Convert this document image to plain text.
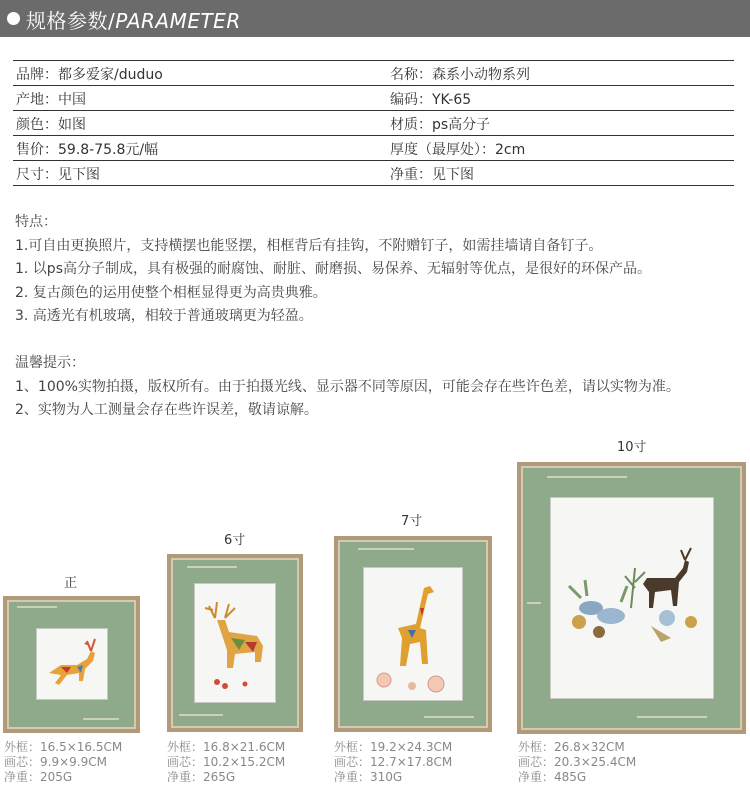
规格参数/PARAMETER
品牌：都多爱家/duduo	名称：森系小动物系列
产地：中国	编码：YK-65
颜色：如图	材质：ps高分子
售价：59.8-75.8元/幅	厚度（最厚处）：2cm
尺寸：见下图	净重：见下图
特点：
1.可自由更换照片，支持横摆也能竖摆，相框背后有挂钩，不附赠钉子，如需挂墙请自备钉子。
1. 以ps高分子制成，具有极强的耐腐蚀、耐脏、耐磨损、易保养、无辐射等优点，是很好的环保产品。
2. 复古颜色的运用使整个相框显得更为高贵典雅。
3. 高透光有机玻璃，相较于普通玻璃更为轻盈。
温馨提示：
1、100%实物拍摄，版权所有。由于拍摄光线、显示器不同等原因，可能会存在些许色差，请以实物为准。
2、实物为人工测量会存在些许误差，敬请谅解。
正
外框：16.5×16.5CM
画芯：9.9×9.9CM
净重：205G
6寸
外框：16.8×21.6CM
画芯：10.2×15.2CM
净重：265G
7寸
外框：19.2×24.3CM
画芯：12.7×17.8CM
净重：310G
10寸
外框：26.8×32CM
画芯：20.3×25.4CM
净重：485G
